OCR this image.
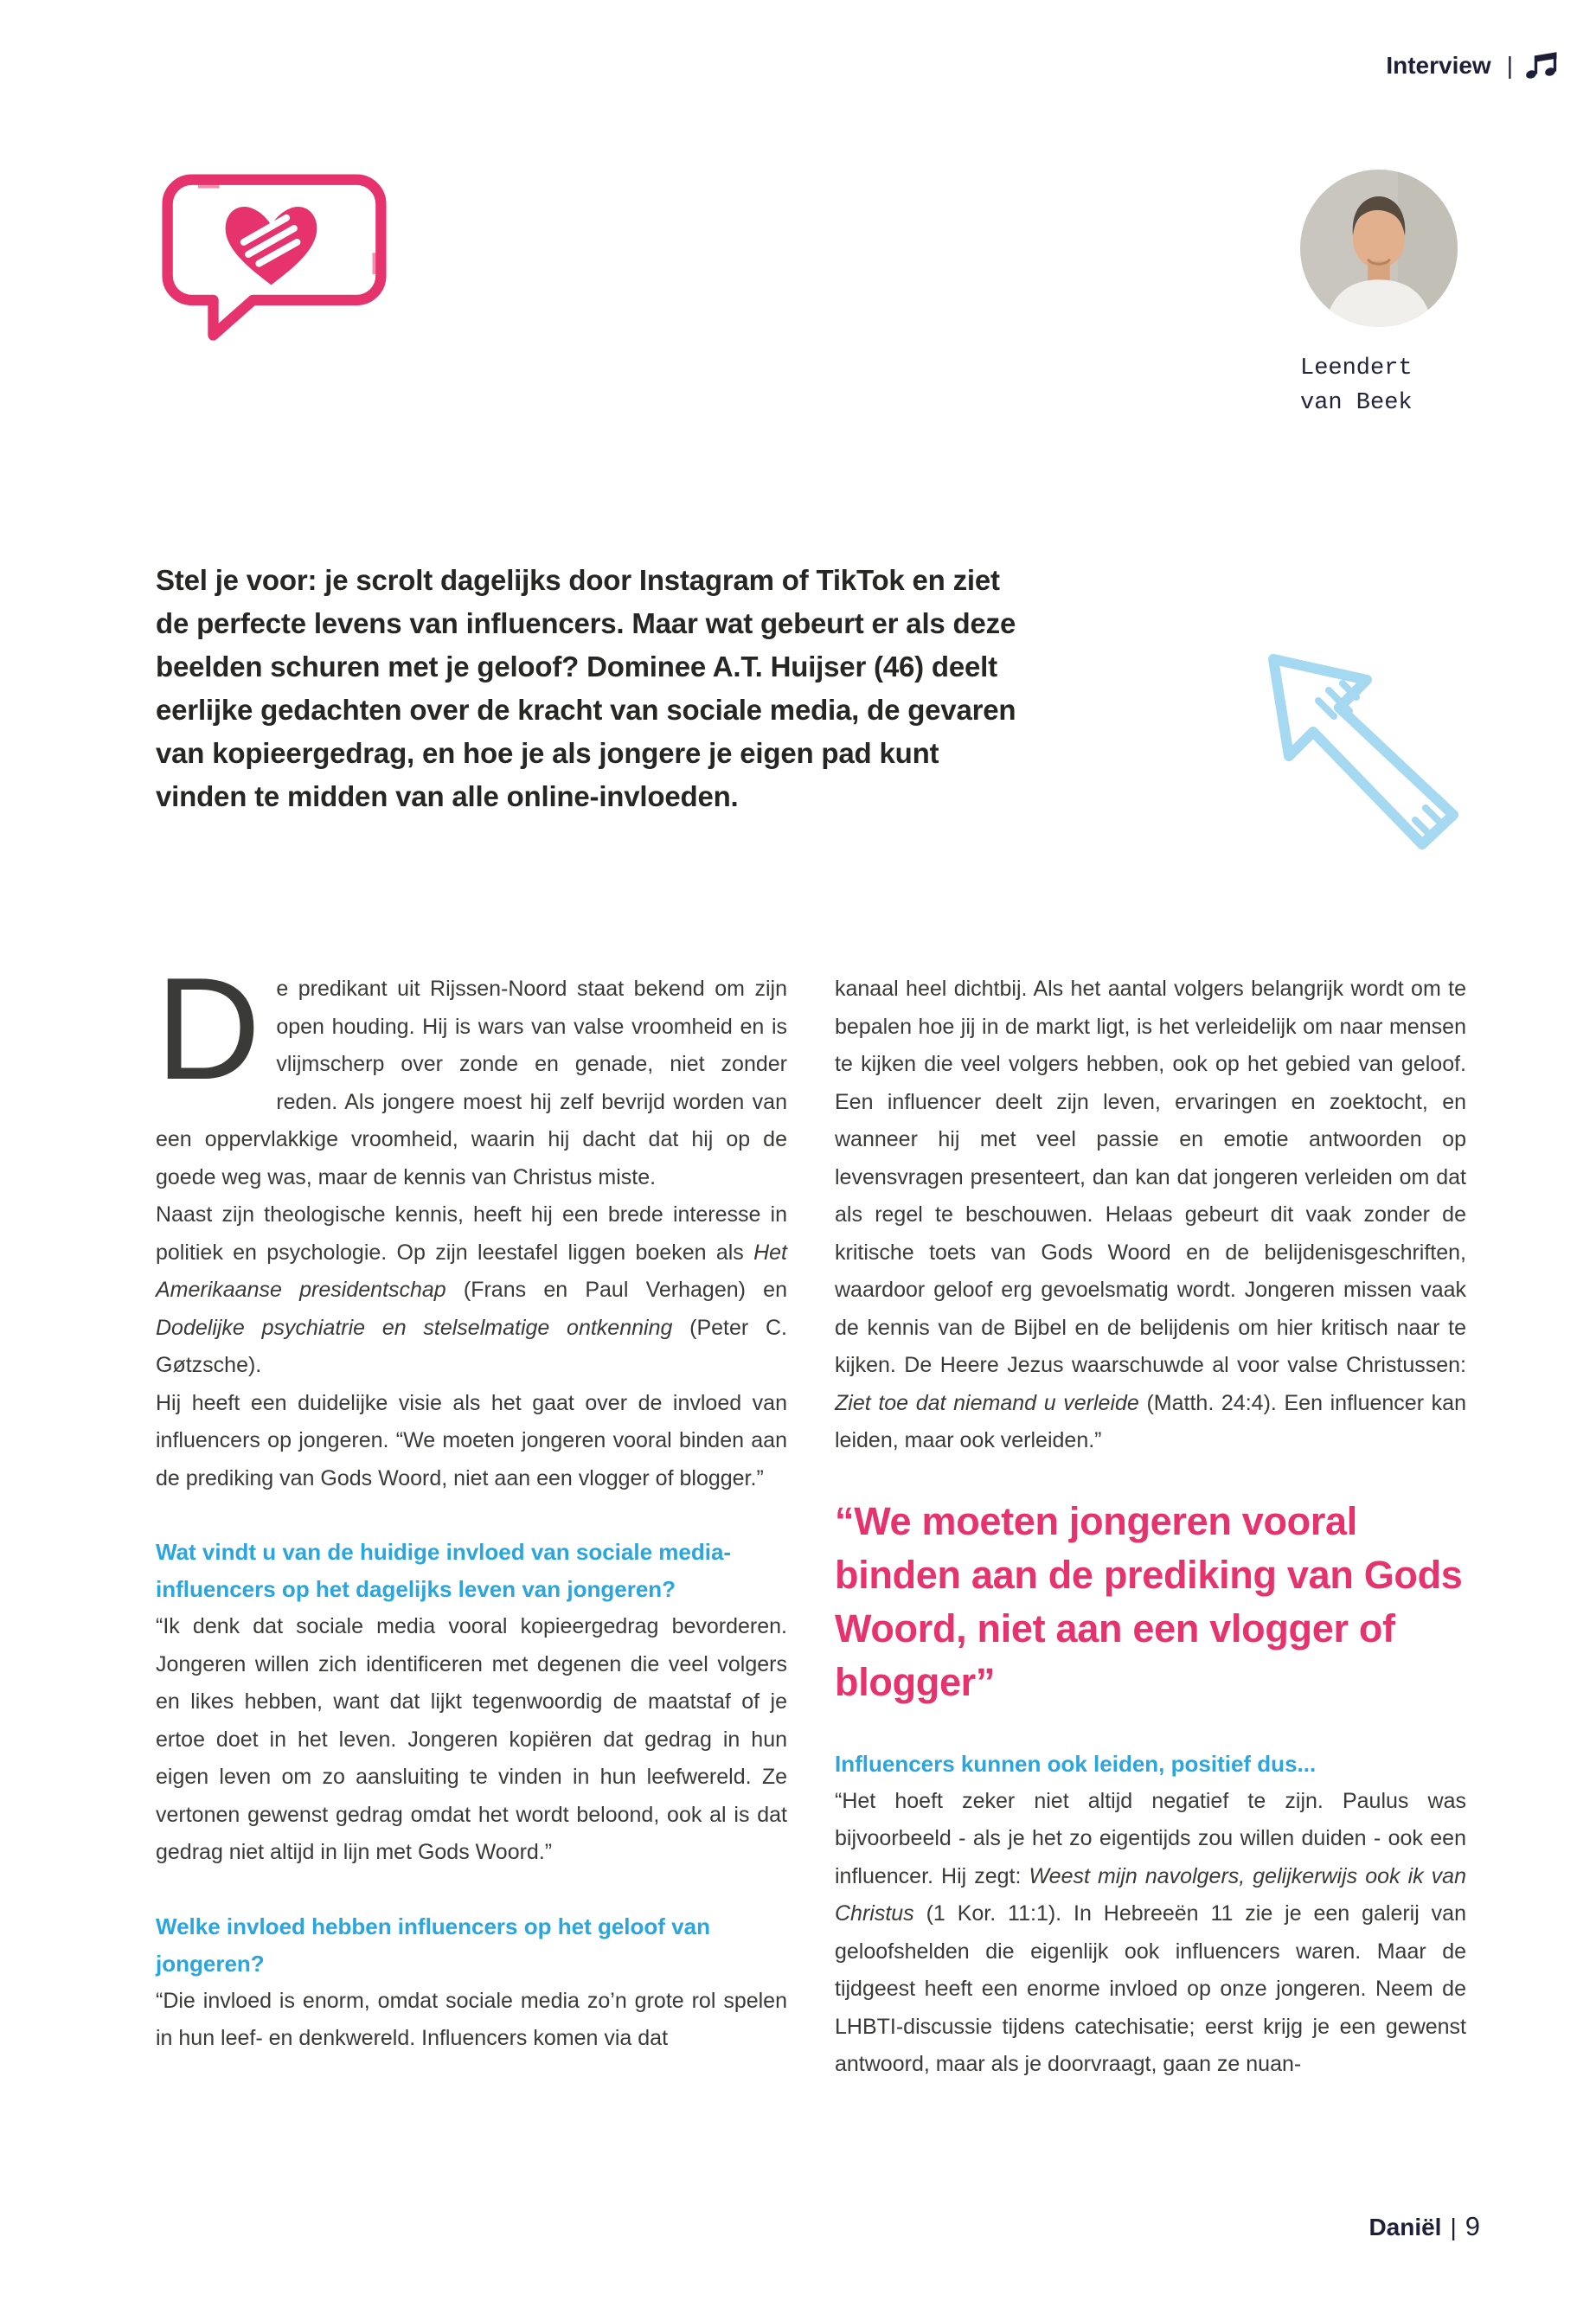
Interview |
Leendert
van Beek

Stel je voor: je scrolt dagelijks door Instagram of TikTok en ziet de perfecte levens van influencers. Maar wat gebeurt er als deze beelden schuren met je geloof? Dominee A.T. Huijser (46) deelt eerlijke gedachten over de kracht van sociale media, de gevaren van kopieergedrag, en hoe je als jongere je eigen pad kunt vinden te midden van alle online-invloeden.

De predikant uit Rijssen-Noord staat bekend om zijn open houding. Hij is wars van valse vroomheid en is vlijmscherp over zonde en genade, niet zonder reden. Als jongere moest hij zelf bevrijd worden van een oppervlakkige vroomheid, waarin hij dacht dat hij op de goede weg was, maar de kennis van Christus miste.

Naast zijn theologische kennis, heeft hij een brede interesse in politiek en psychologie. Op zijn leestafel liggen boeken als Het Amerikaanse presidentschap (Frans en Paul Verhagen) en Dodelijke psychiatrie en stelselmatige ontkenning (Peter C. Gøtzsche).

Hij heeft een duidelijke visie als het gaat over de invloed van influencers op jongeren. “We moeten jongeren vooral binden aan de prediking van Gods Woord, niet aan een vlogger of blogger.”

Wat vindt u van de huidige invloed van sociale media-influencers op het dagelijks leven van jongeren?

“Ik denk dat sociale media vooral kopieergedrag bevorderen. Jongeren willen zich identificeren met degenen die veel volgers en likes hebben, want dat lijkt tegenwoordig de maatstaf of je ertoe doet in het leven. Jongeren kopiëren dat gedrag in hun eigen leven om zo aansluiting te vinden in hun leefwereld. Ze vertonen gewenst gedrag omdat het wordt beloond, ook al is dat gedrag niet altijd in lijn met Gods Woord.”

Welke invloed hebben influencers op het geloof van jongeren?

“Die invloed is enorm, omdat sociale media zo’n grote rol spelen in hun leef- en denkwereld. Influencers komen via dat

kanaal heel dichtbij. Als het aantal volgers belangrijk wordt om te bepalen hoe jij in de markt ligt, is het verleidelijk om naar mensen te kijken die veel volgers hebben, ook op het gebied van geloof. Een influencer deelt zijn leven, ervaringen en zoektocht, en wanneer hij met veel passie en emotie antwoorden op levensvragen presenteert, dan kan dat jongeren verleiden om dat als regel te beschouwen. Helaas gebeurt dit vaak zonder de kritische toets van Gods Woord en de belijdenisgeschriften, waardoor geloof erg gevoelsmatig wordt. Jongeren missen vaak de kennis van de Bijbel en de belijdenis om hier kritisch naar te kijken. De Heere Jezus waarschuwde al voor valse Christussen: Ziet toe dat niemand u verleide (Matth. 24:4). Een influencer kan leiden, maar ook verleiden.”

“We moeten jongeren vooral binden aan de prediking van Gods Woord, niet aan een vlogger of blogger”
Influencers kunnen ook leiden, positief dus...

“Het hoeft zeker niet altijd negatief te zijn. Paulus was bijvoorbeeld - als je het zo eigentijds zou willen duiden - ook een influencer. Hij zegt: Weest mijn navolgers, gelijkerwijs ook ik van Christus (1 Kor. 11:1). In Hebreeën 11 zie je een galerij van geloofshelden die eigenlijk ook influencers waren. Maar de tijdgeest heeft een enorme invloed op onze jongeren. Neem de LHBTI-discussie tijdens catechisatie; eerst krijg je een gewenst antwoord, maar als je doorvraagt, gaan ze nuan-

Daniël | 9
